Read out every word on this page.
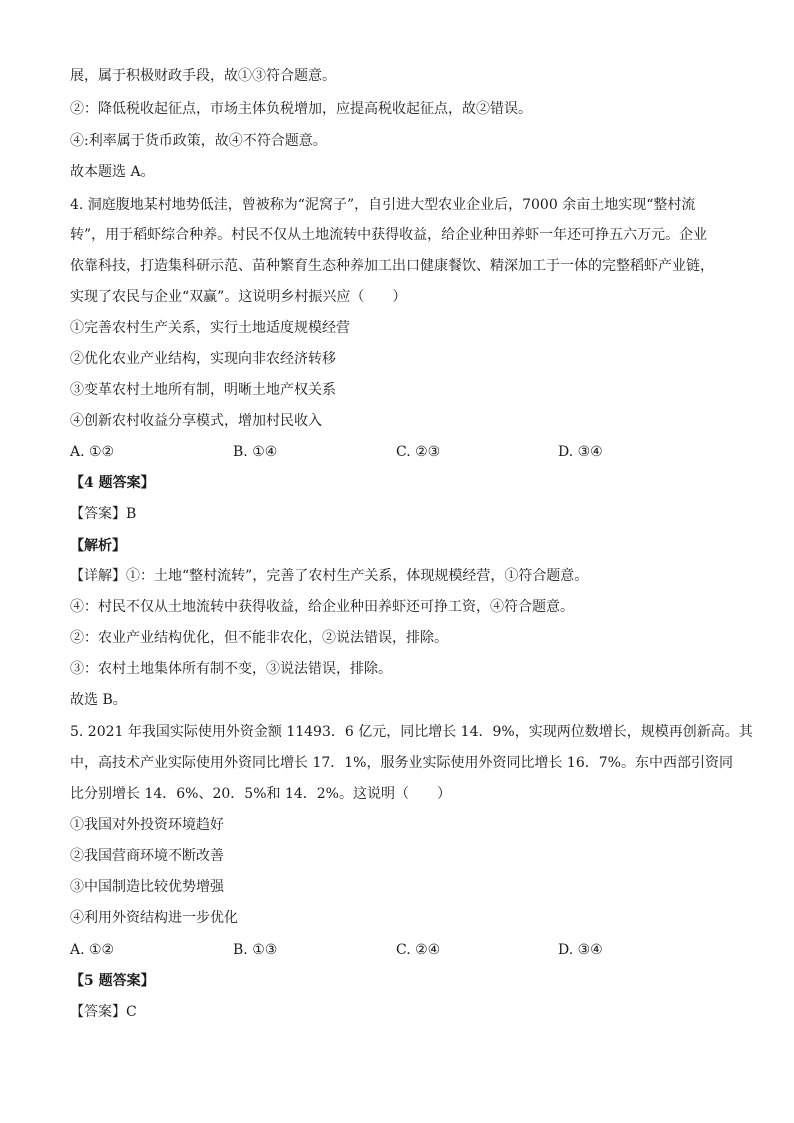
展，属于积极财政手段，故①③符合题意。
②：降低税收起征点，市场主体负税增加，应提高税收起征点，故②错误。
④:利率属于货币政策，故④不符合题意。
故本题选 A。
4. 洞庭腹地某村地势低洼，曾被称为“泥窝子”，自引进大型农业企业后，7000 余亩土地实现“整村流
转”，用于稻虾综合种养。村民不仅从土地流转中获得收益，给企业种田养虾一年还可挣五六万元。企业
依靠科技，打造集科研示范、苗种繁育生态种养加工出口健康餐饮、精深加工于一体的完整稻虾产业链，
实现了农民与企业“双赢”。这说明乡村振兴应（　　）
①完善农村生产关系，实行土地适度规模经营
②优化农业产业结构，实现向非农经济转移
③变革农村土地所有制，明晰土地产权关系
④创新农村收益分享模式，增加村民收入
A. ①②	B. ①④	C. ②③	D. ③④
【4 题答案】
【答案】B
【解析】
【详解】①：土地“整村流转”，完善了农村生产关系，体现规模经营，①符合题意。
④：村民不仅从土地流转中获得收益，给企业种田养虾还可挣工资，④符合题意。
②：农业产业结构优化，但不能非农化，②说法错误，排除。
③：农村土地集体所有制不变，③说法错误，排除。
故选 B。
5. 2021 年我国实际使用外资金额 11493．6 亿元，同比增长 14．9%，实现两位数增长，规模再创新高。其
中，高技术产业实际使用外资同比增长 17．1%，服务业实际使用外资同比增长 16．7%。东中西部引资同
比分别增长 14．6%、20．5%和 14．2%。这说明（　　）
①我国对外投资环境趋好
②我国营商环境不断改善
③中国制造比较优势增强
④利用外资结构进一步优化
A. ①②	B. ①③	C. ②④	D. ③④
【5 题答案】
【答案】C
